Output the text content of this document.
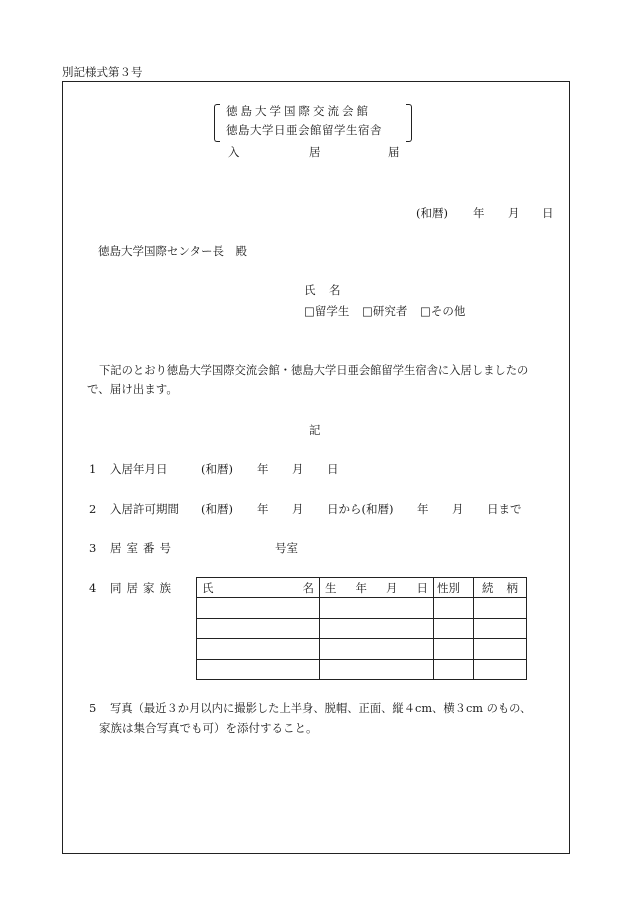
別記様式第３号
徳島大学国際交流会館
徳島大学日亜会館留学生宿舎
入	居	届
(和暦) 年 月 日
徳島大学国際センター長　殿
氏 名
□留学生 □研究者 □その他
下記のとおり徳島大学国際交流会館・徳島大学日亜会館留学生宿舎に入居しましたの
で、届け出ます。
記
1 入居年月日	(和暦) 年 月 日
2 入居許可期間 (和暦) 年 月 日から(和暦) 年 月 日まで
3 居室番号	号室
4 同居家族 氏 名	生 年 月 日	性別	続 柄

5 写真（最近３か月以内に撮影した上半身、脱帽、正面、縦４cm、横３cm のもの、
家族は集合写真でも可）を添付すること。
